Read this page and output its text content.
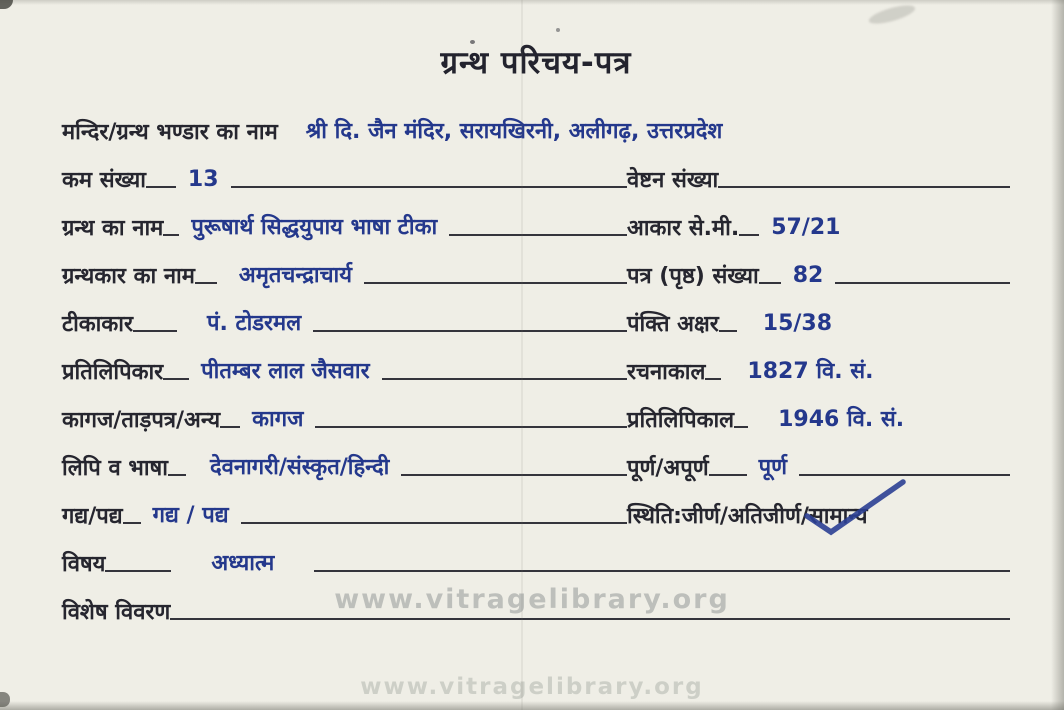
ग्रन्थ परिचय-पत्र
मन्दिर/ग्रन्थ भण्डार का नाम	श्री दि. जैन मंदिर, सरायखिरनी, अलीगढ़, उत्तरप्रदेश
कम संख्या	13	वेष्टन संख्या
ग्रन्थ का नाम	पुरूषार्थ सिद्धयुपाय भाषा टीका	आकार से.मी.	57/21
ग्रन्थकार का नाम	अमृतचन्द्राचार्य	पत्र (पृष्ठ) संख्या	82
टीकाकार	पं. टोडरमल	पंक्ति अक्षर	15/38
प्रतिलिपिकार	पीतम्बर लाल जैसवार	रचनाकाल	1827 वि. सं.
कागज/ताड़पत्र/अन्य	कागज	प्रतिलिपिकाल	1946 वि. सं.
लिपि व भाषा	देवनागरी/संस्कृत/हिन्दी	पूर्ण/अपूर्ण	पूर्ण
गद्य/पद्य	गद्य / पद्य	स्थिति:जीर्ण/अतिजीर्ण/सामान्य
विषय	अध्यात्म
विशेष विवरण	www.vitragelibrary.org
www.vitragelibrary.org
